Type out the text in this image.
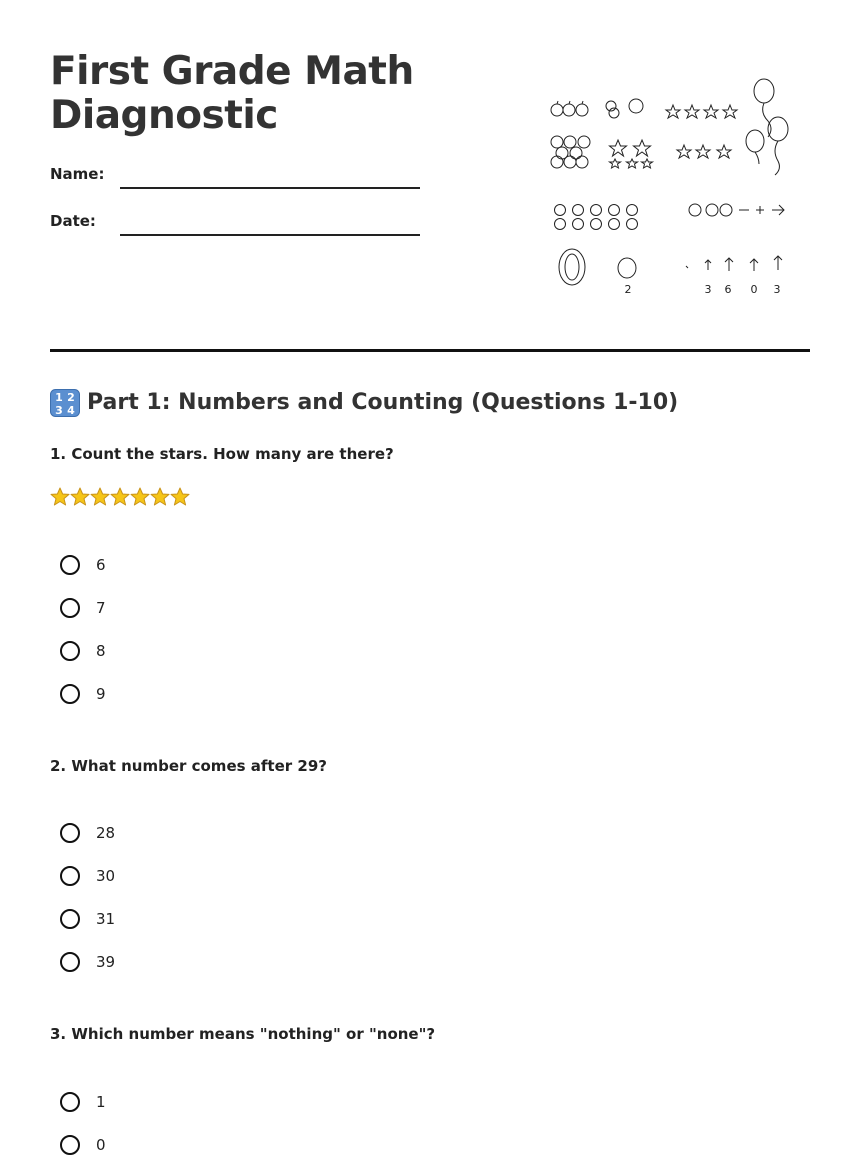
First Grade Math
Diagnostic
Name:
Date:
2	3 6 0 3
1 2
3 4 Part 1: Numbers and Counting (Questions 1-10)

1. Count the stars. How many are there?

6
7
8
9

2. What number comes after 29?

28
30
31
39

3. Which number means "nothing" or "none"?

1
0
